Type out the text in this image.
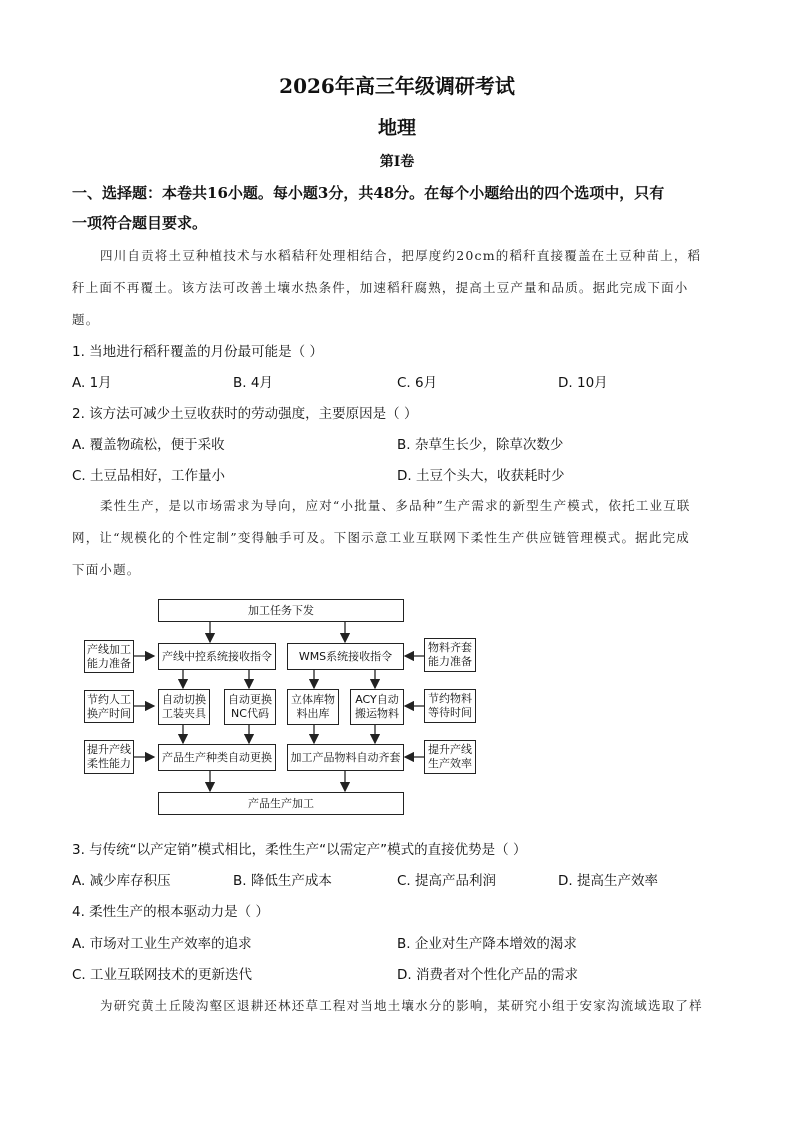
2026年高三年级调研考试
地理
第Ⅰ卷
一、选择题：本卷共16小题。每小题3分，共48分。在每个小题给出的四个选项中，只有
一项符合题目要求。
四川自贡将土豆种植技术与水稻秸秆处理相结合，把厚度约20cm的稻秆直接覆盖在土豆种苗上，稻
秆上面不再覆土。该方法可改善土壤水热条件，加速稻秆腐熟，提高土豆产量和品质。据此完成下面小
题。
1. 当地进行稻秆覆盖的月份最可能是（ ）
A. 1月	B. 4月	C. 6月	D. 10月
2. 该方法可减少土豆收获时的劳动强度，主要原因是（ ）
A. 覆盖物疏松，便于采收	B. 杂草生长少，除草次数少
C. 土豆品相好，工作量小	D. 土豆个头大，收获耗时少
柔性生产，是以市场需求为导向，应对“小批量、多品种”生产需求的新型生产模式，依托工业互联
网，让“规模化的个性定制”变得触手可及。下图示意工业互联网下柔性生产供应链管理模式。据此完成
下面小题。
加工任务下发
产线中控系统接收指令	WMS系统接收指令
自动切换
工装夹具
自动更换
NC代码
立体库物
料出库
ACY自动
搬运物料
产品生产种类自动更换	加工产品物料自动齐套
产品生产加工
产线加工
能力准备
节约人工
换产时间
提升产线
柔性能力
物料齐套
能力准备
节约物料
等待时间
提升产线
生产效率
3. 与传统“以产定销”模式相比，柔性生产“以需定产”模式的直接优势是（ ）
A. 减少库存积压	B. 降低生产成本	C. 提高产品利润	D. 提高生产效率
4. 柔性生产的根本驱动力是（ ）
A. 市场对工业生产效率的追求	B. 企业对生产降本增效的渴求
C. 工业互联网技术的更新迭代	D. 消费者对个性化产品的需求
为研究黄土丘陵沟壑区退耕还林还草工程对当地土壤水分的影响，某研究小组于安家沟流域选取了样
